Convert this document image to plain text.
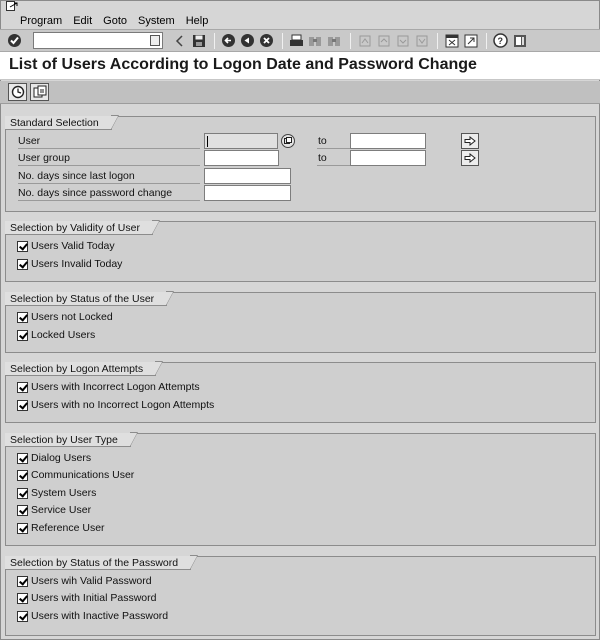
Program Edit Goto System Help
?
List of Users According to Logon Date and Password Change
Standard Selection
User	to
User group	to
No. days since last logon
No. days since password change
Selection by Validity of User
Users Valid Today
Users Invalid Today
Selection by Status of the User
Users not Locked
Locked Users
Selection by Logon Attempts
Users with Incorrect Logon Attempts
Users with no Incorrect Logon Attempts
Selection by User Type
Dialog Users
Communications User
System Users
Service User
Reference User
Selection by Status of the Password
Users wih Valid Password
Users with Initial Password
Users with Inactive Password
